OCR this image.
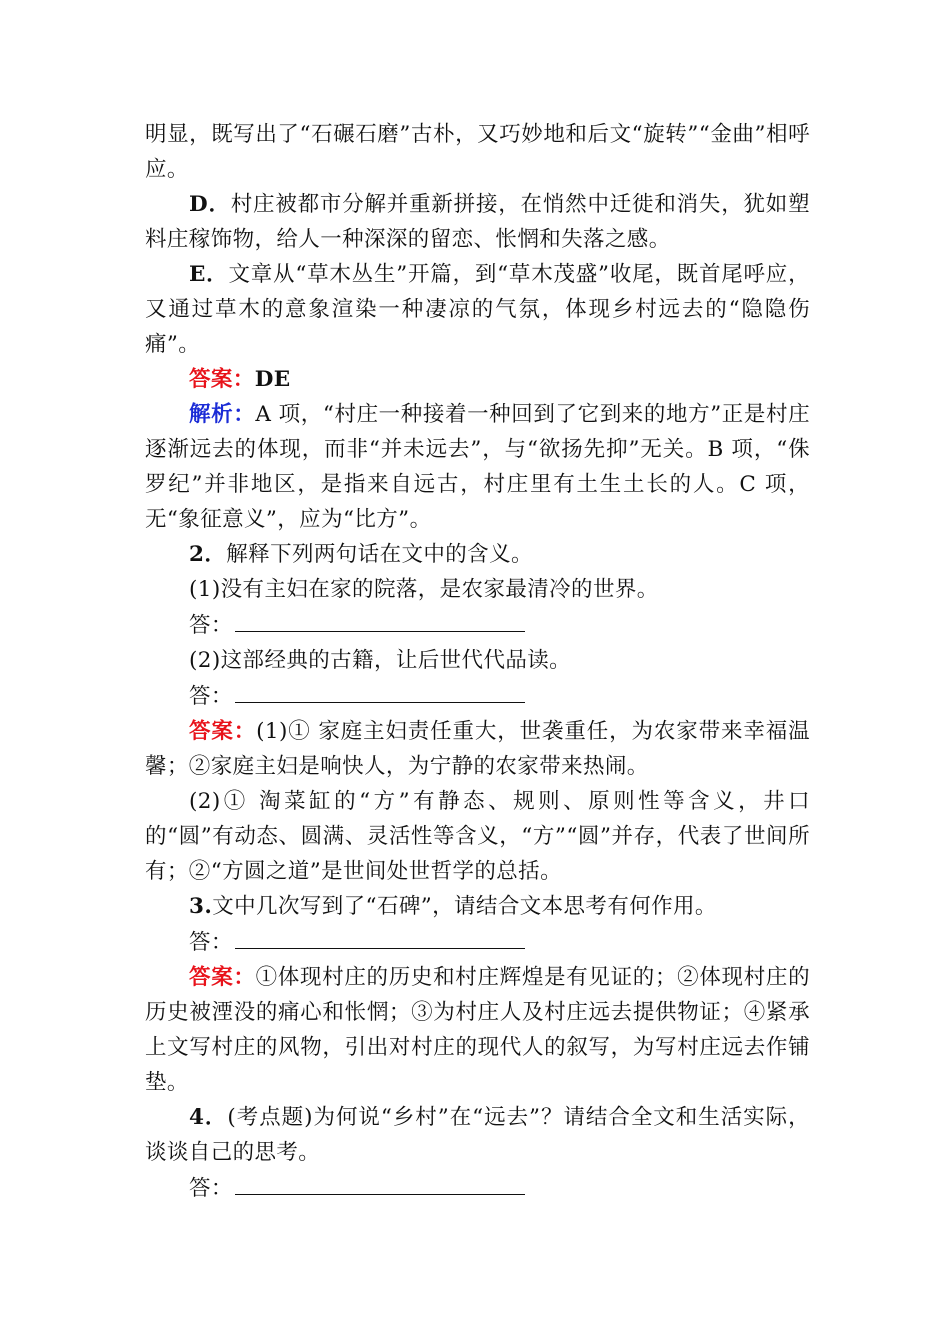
明显，既写出了“石碾石磨”古朴，又巧妙地和后文“旋转”“金曲”相呼应。

D．村庄被都市分解并重新拼接，在悄然中迁徙和消失，犹如塑料庄稼饰物，给人一种深深的留恋、怅惘和失落之感。

E．文章从“草木丛生”开篇，到“草木茂盛”收尾，既首尾呼应，又通过草木的意象渲染一种凄凉的气氛，体现乡村远去的“隐隐伤痛”。

答案：DE

解析：A 项，“村庄一种接着一种回到了它到来的地方”正是村庄逐渐远去的体现，而非“并未远去”，与“欲扬先抑”无关。B 项，“侏罗纪”并非地区，是指来自远古，村庄里有土生土长的人。C 项，无“象征意义”，应为“比方”。

2．解释下列两句话在文中的含义。

(1)没有主妇在家的院落，是农家最清冷的世界。

答：

(2)这部经典的古籍，让后世代代品读。

答：

答案：(1)① 家庭主妇责任重大，世袭重任，为农家带来幸福温馨；②家庭主妇是响快人，为宁静的农家带来热闹。

(2)① 淘菜缸的“方”有静态、规则、原则性等含义，井口的“圆”有动态、圆满、灵活性等含义，“方”“圆”并存，代表了世间所有；②“方圆之道”是世间处世哲学的总括。

3.文中几次写到了“石碑”，请结合文本思考有何作用。

答：

答案：①体现村庄的历史和村庄辉煌是有见证的；②体现村庄的历史被湮没的痛心和怅惘；③为村庄人及村庄远去提供物证；④紧承上文写村庄的风物，引出对村庄的现代人的叙写，为写村庄远去作铺垫。

4．(考点题)为何说“乡村”在“远去”？请结合全文和生活实际，谈谈自己的思考。

答：
